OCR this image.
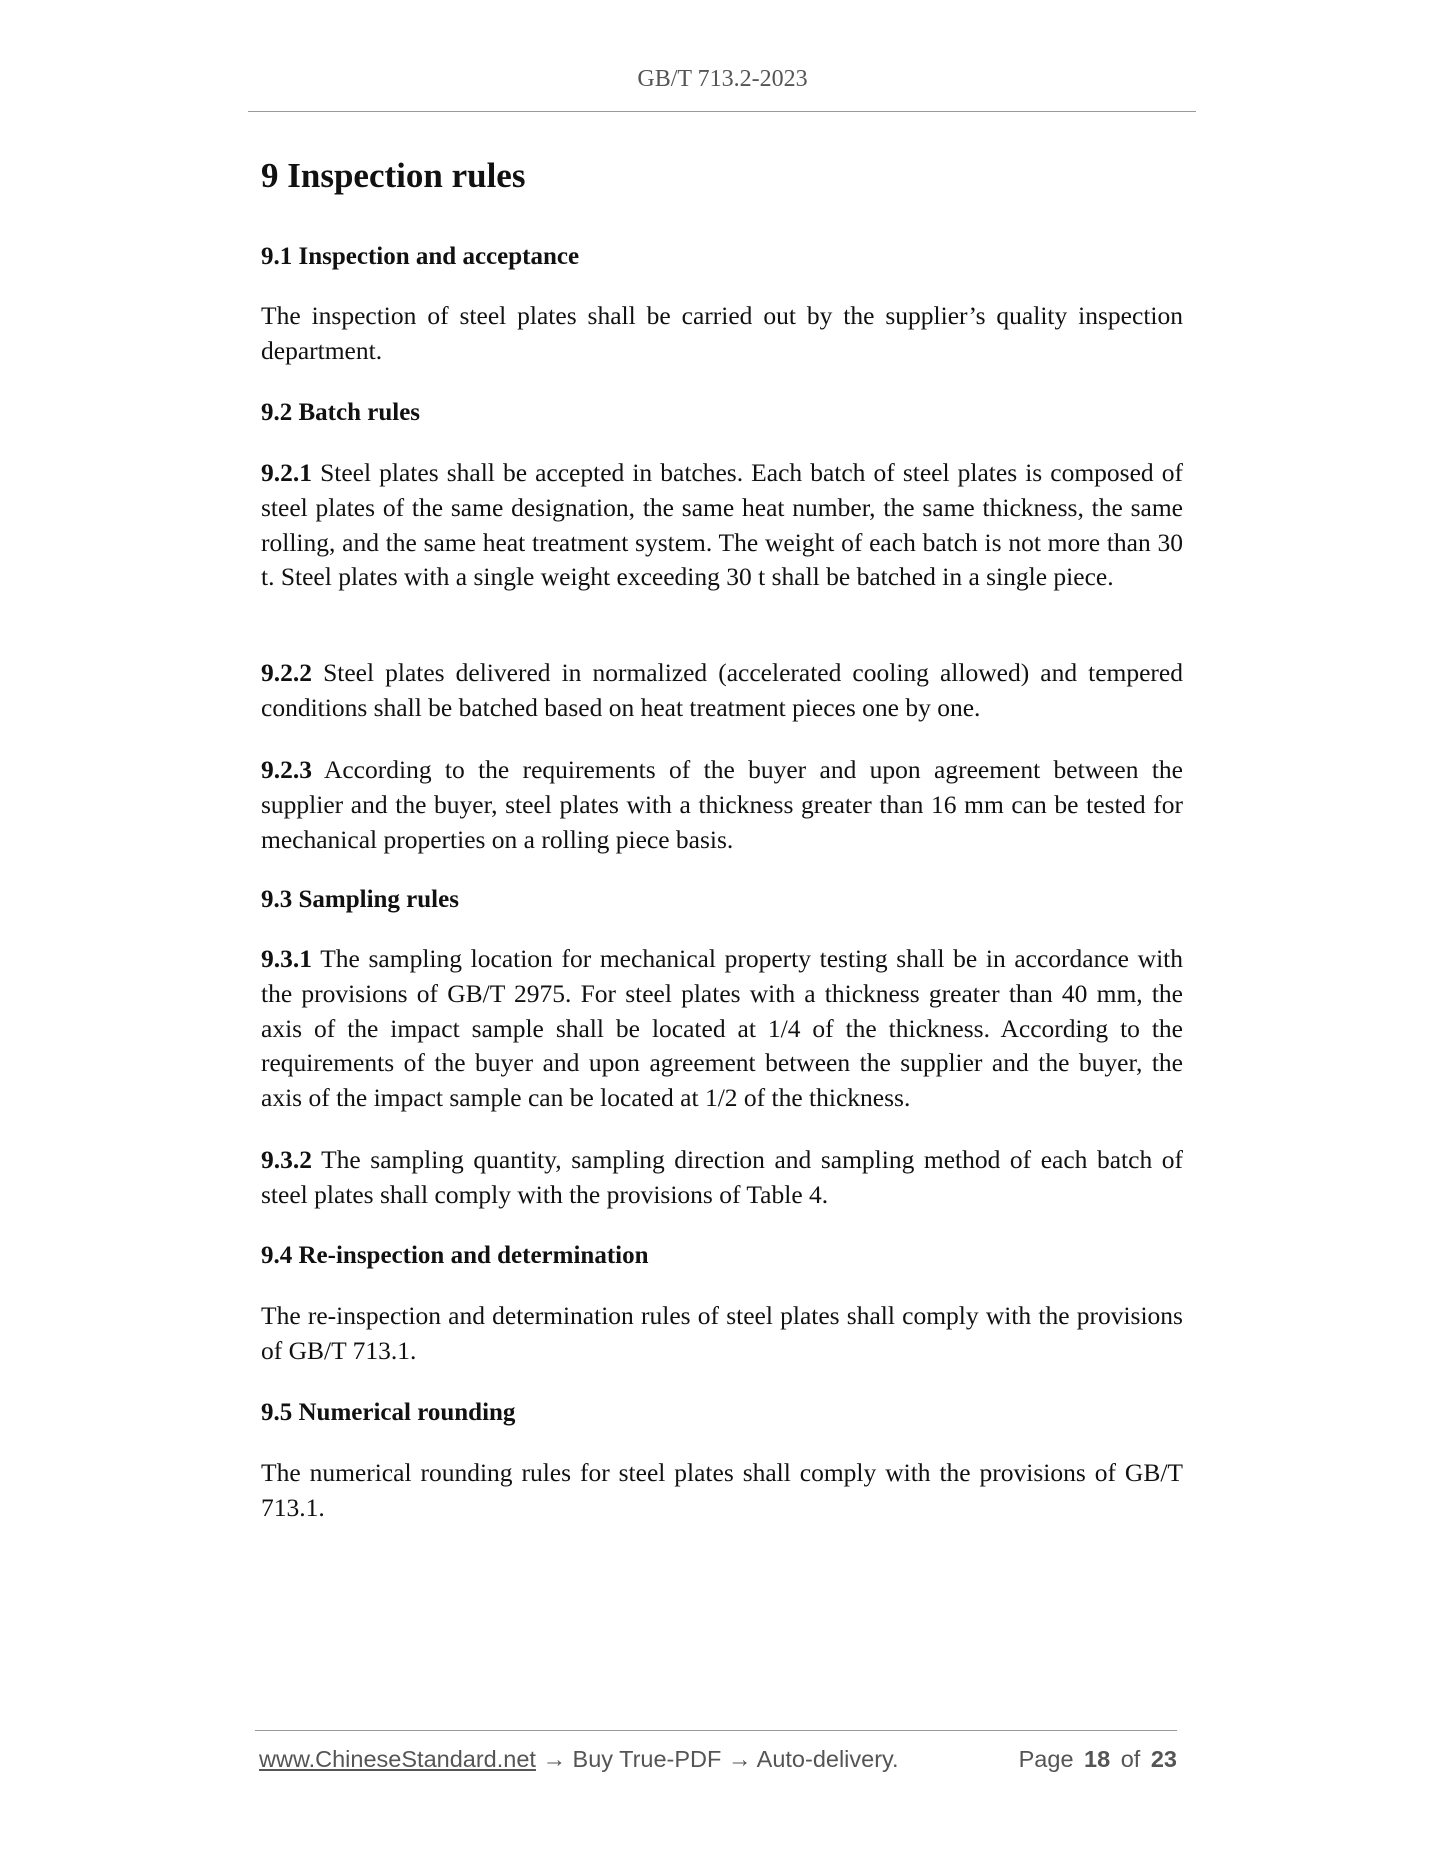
GB/T 713.2-2023
9 Inspection rules
9.1 Inspection and acceptance
The inspection of steel plates shall be carried out by the supplier’s quality inspection department.
9.2 Batch rules
9.2.1 Steel plates shall be accepted in batches. Each batch of steel plates is composed of steel plates of the same designation, the same heat number, the same thickness, the same rolling, and the same heat treatment system. The weight of each batch is not more than 30 t. Steel plates with a single weight exceeding 30 t shall be batched in a single piece.
9.2.2 Steel plates delivered in normalized (accelerated cooling allowed) and tempered conditions shall be batched based on heat treatment pieces one by one.
9.2.3 According to the requirements of the buyer and upon agreement between the supplier and the buyer, steel plates with a thickness greater than 16 mm can be tested for mechanical properties on a rolling piece basis.
9.3 Sampling rules
9.3.1 The sampling location for mechanical property testing shall be in accordance with the provisions of GB/T 2975. For steel plates with a thickness greater than 40 mm, the axis of the impact sample shall be located at 1/4 of the thickness. According to the requirements of the buyer and upon agreement between the supplier and the buyer, the axis of the impact sample can be located at 1/2 of the thickness.
9.3.2 The sampling quantity, sampling direction and sampling method of each batch of steel plates shall comply with the provisions of Table 4.
9.4 Re-inspection and determination
The re-inspection and determination rules of steel plates shall comply with the provisions of GB/T 713.1.
9.5 Numerical rounding
The numerical rounding rules for steel plates shall comply with the provisions of GB/T 713.1.
www.ChineseStandard.net → Buy True-PDF → Auto-delivery.	Page 18 of 23
